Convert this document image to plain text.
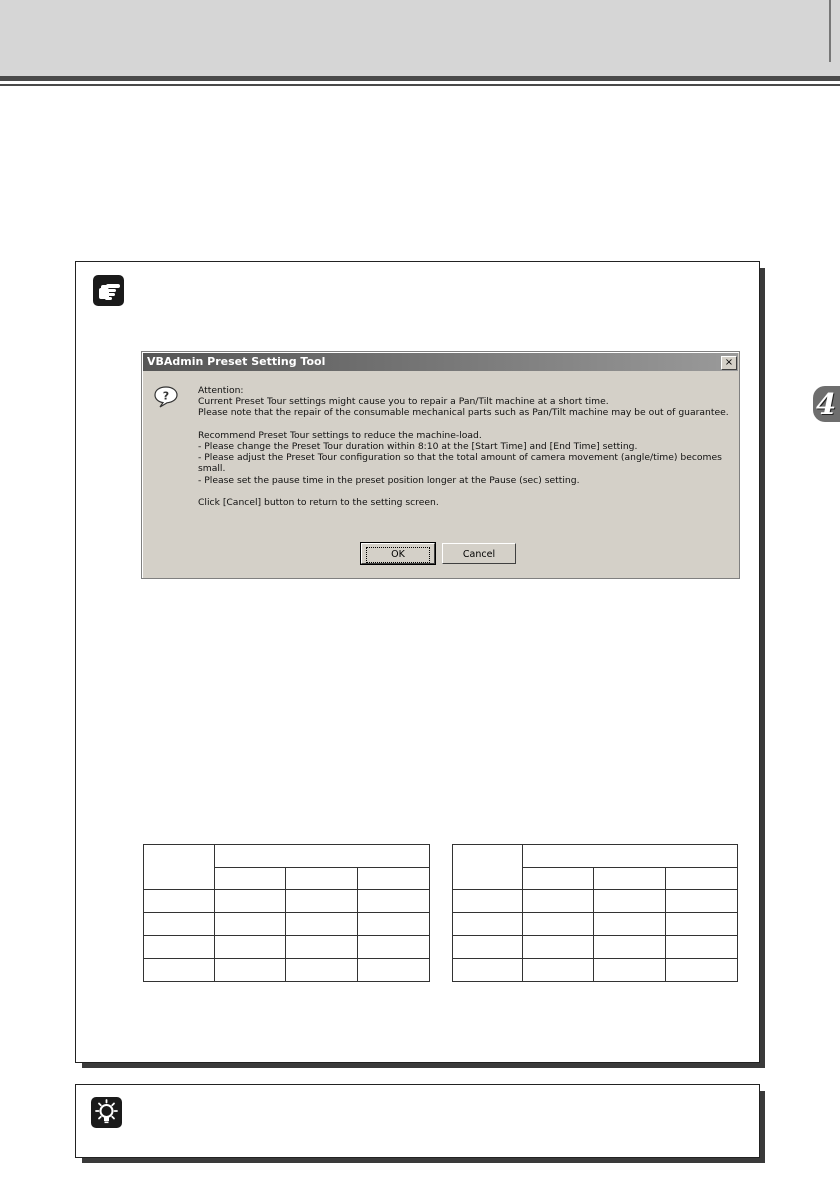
4
VBAdmin Preset Setting Tool	×
?	Attention:
Current Preset Tour settings might cause you to repair a Pan/Tilt machine at a short time.
Please note that the repair of the consumable mechanical parts such as Pan/Tilt machine may be out of guarantee.
Recommend Preset Tour settings to reduce the machine-load.
- Please change the Preset Tour duration within 8:10 at the [Start Time] and [End Time] setting.
- Please adjust the Preset Tour configuration so that the total amount of camera movement (angle/time) becomes
small.
- Please set the pause time in the preset position longer at the Pause (sec) setting.
Click [Cancel] button to return to the setting screen.
OK	Cancel
